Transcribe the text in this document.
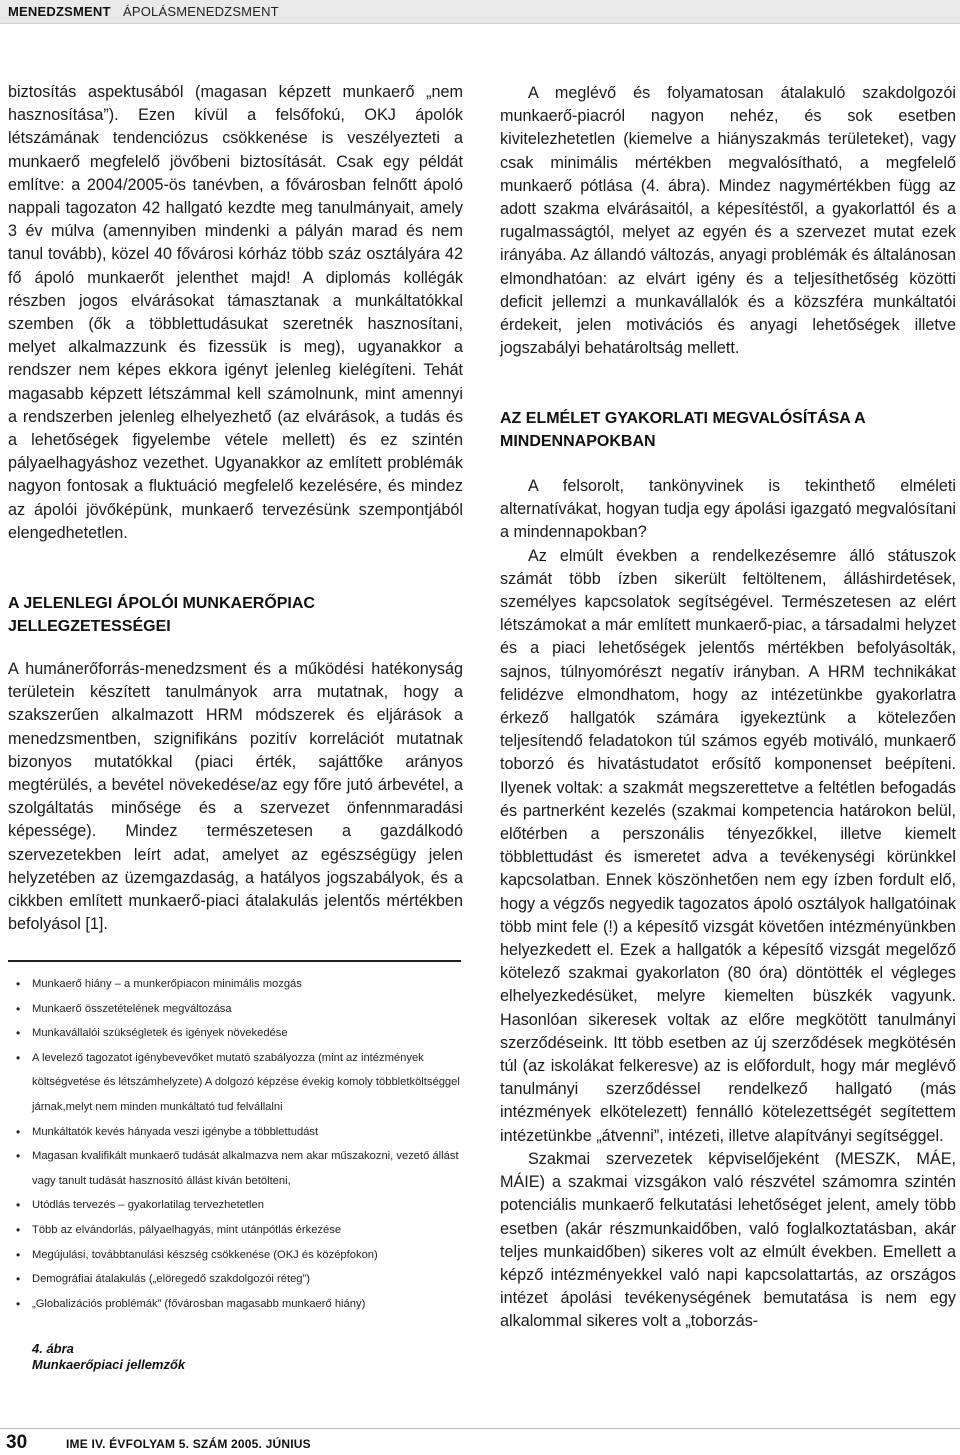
MENEDZSMENT ÁPOLÁSMENEDZSMENT

biztosítás aspektusából (magasan képzett munkaerő „nem hasznosítása”). Ezen kívül a felsőfokú, OKJ ápolók létszámának tendenciózus csökkenése is veszélyezteti a munkaerő megfelelő jövőbeni biztosítását. Csak egy példát említve: a 2004/2005-ös tanévben, a fővárosban felnőtt ápoló nappali tagozaton 42 hallgató kezdte meg tanulmányait, amely 3 év múlva (amennyiben mindenki a pályán marad és nem tanul tovább), közel 40 fővárosi kórház több száz osztályára 42 fő ápoló munkaerőt jelenthet majd! A diplomás kollégák részben jogos elvárásokat támasztanak a munkáltatókkal szemben (ők a többlettudásukat szeretnék hasznosítani, melyet alkalmazzunk és fizessük is meg), ugyanakkor a rendszer nem képes ekkora igényt jelenleg kielégíteni. Tehát magasabb képzett létszámmal kell számolnunk, mint amennyi a rendszerben jelenleg elhelyezhető (az elvárások, a tudás és a lehetőségek figyelembe vétele mellett) és ez szintén pályaelhagyáshoz vezethet. Ugyanakkor az említett problémák nagyon fontosak a fluktuáció megfelelő kezelésére, és mindez az ápolói jövőképünk, munkaerő tervezésünk szempontjából elengedhetetlen.

A JELENLEGI ÁPOLÓI MUNKAERŐPIAC JELLEGZETESSÉGEI

A humánerőforrás-menedzsment és a működési hatékonyság területein készített tanulmányok arra mutatnak, hogy a szakszerűen alkalmazott HRM módszerek és eljárások a menedzsmentben, szignifikáns pozitív korrelációt mutatnak bizonyos mutatókkal (piaci érték, sajáttőke arányos megtérülés, a bevétel növekedése/az egy főre jutó árbevétel, a szolgáltatás minősége és a szervezet önfennmaradási képessége). Mindez természetesen a gazdálkodó szervezetekben leírt adat, amelyet az egészségügy jelen helyzetében az üzemgazdaság, a hatályos jogszabályok, és a cikkben említett munkaerő-piaci átalakulás jelentős mértékben befolyásol [1].

• Munkaerő hiány – a munkerőpiacon minimális mozgás
• Munkaerő összetételének megváltozása
• Munkavállalói szükségletek és igények növekedése
• A levelező tagozatot igénybevevőket mutató szabályozza (mint az intézmények költségvetése és létszámhelyzete) A dolgozó képzése évekig komoly többletköltséggel járnak,melyt nem minden munkáltató tud felvállalni
• Munkáltatók kevés hányada veszi igénybe a többlettudást
• Magasan kvalifikált munkaerő tudását alkalmazva nem akar műszakozni, vezető állást vagy tanult tudását hasznosító állást kíván betölteni,
• Utódlás tervezés – gyakorlatilag tervezhetetlen
• Több az elvándorlás, pályaelhagyás, mint utánpótlás érkezése
• Megújulási, továbbtanulási készség csökkenése (OKJ és középfokon)
• Demográfiai átalakulás („elöregedő szakdolgozói réteg”)
• „Globalizációs problémák” (fővárosban magasabb munkaerő hiány)
4. ábra
Munkaerőpiaci jellemzők

A meglévő és folyamatosan átalakuló szakdolgozói munkaerő-piacról nagyon nehéz, és sok esetben kivitelezhetetlen (kiemelve a hiányszakmás területeket), vagy csak minimális mértékben megvalósítható, a megfelelő munkaerő pótlása (4. ábra). Mindez nagymértékben függ az adott szakma elvárásaitól, a képesítéstől, a gyakorlattól és a rugalmasságtól, melyet az egyén és a szervezet mutat ezek irányába. Az állandó változás, anyagi problémák és általánosan elmondhatóan: az elvárt igény és a teljesíthetőség közötti deficit jellemzi a munkavállalók és a közszféra munkáltatói érdekeit, jelen motivációs és anyagi lehetőségek illetve jogszabályi behatároltság mellett.

AZ ELMÉLET GYAKORLATI MEGVALÓSÍTÁSA A MINDENNAPOKBAN

A felsorolt, tankönyvinek is tekinthető elméleti alternatívákat, hogyan tudja egy ápolási igazgató megvalósítani a mindennapokban?

Az elmúlt években a rendelkezésemre álló státuszok számát több ízben sikerült feltöltenem, álláshirdetések, személyes kapcsolatok segítségével. Természetesen az elért létszámokat a már említett munkaerő-piac, a társadalmi helyzet és a piaci lehetőségek jelentős mértékben befolyásolták, sajnos, túlnyomórészt negatív irányban. A HRM technikákat felidézve elmondhatom, hogy az intézetünkbe gyakorlatra érkező hallgatók számára igyekeztünk a kötelezően teljesítendő feladatokon túl számos egyéb motiváló, munkaerő toborzó és hivatástudatot erősítő komponenset beépíteni. Ilyenek voltak: a szakmát megszerettetve a feltétlen befogadás és partnerként kezelés (szakmai kompetencia határokon belül, előtérben a perszonális tényezőkkel, illetve kiemelt többlettudást és ismeretet adva a tevékenységi körünkkel kapcsolatban. Ennek köszönhetően nem egy ízben fordult elő, hogy a végzős negyedik tagozatos ápoló osztályok hallgatóinak több mint fele (!) a képesítő vizsgát követően intézményünkben helyezkedett el. Ezek a hallgatók a képesítő vizsgát megelőző kötelező szakmai gyakorlaton (80 óra) döntötték el végleges elhelyezkedésüket, melyre kiemelten büszkék vagyunk. Hasonlóan sikeresek voltak az előre megkötött tanulmányi szerződéseink. Itt több esetben az új szerződések megkötésén túl (az iskolákat felkeresve) az is előfordult, hogy már meglévő tanulmányi szerződéssel rendelkező hallgató (más intézmények elkötelezett) fennálló kötelezettségét segítettem intézetünkbe „átvenni”, intézeti, illetve alapítványi segítséggel.

Szakmai szervezetek képviselőjeként (MESZK, MÁE, MÁIE) a szakmai vizsgákon való részvétel számomra szintén potenciális munkaerő felkutatási lehetőséget jelent, amely több esetben (akár részmunkaidőben, való foglalkoztatásban, akár teljes munkaidőben) sikeres volt az elmúlt években. Emellett a képző intézményekkel való napi kapcsolattartás, az országos intézet ápolási tevékenységének bemutatása is nem egy alkalommal sikeres volt a „toborzás-

30	IME IV. ÉVFOLYAM 5. SZÁM 2005. JÚNIUS
